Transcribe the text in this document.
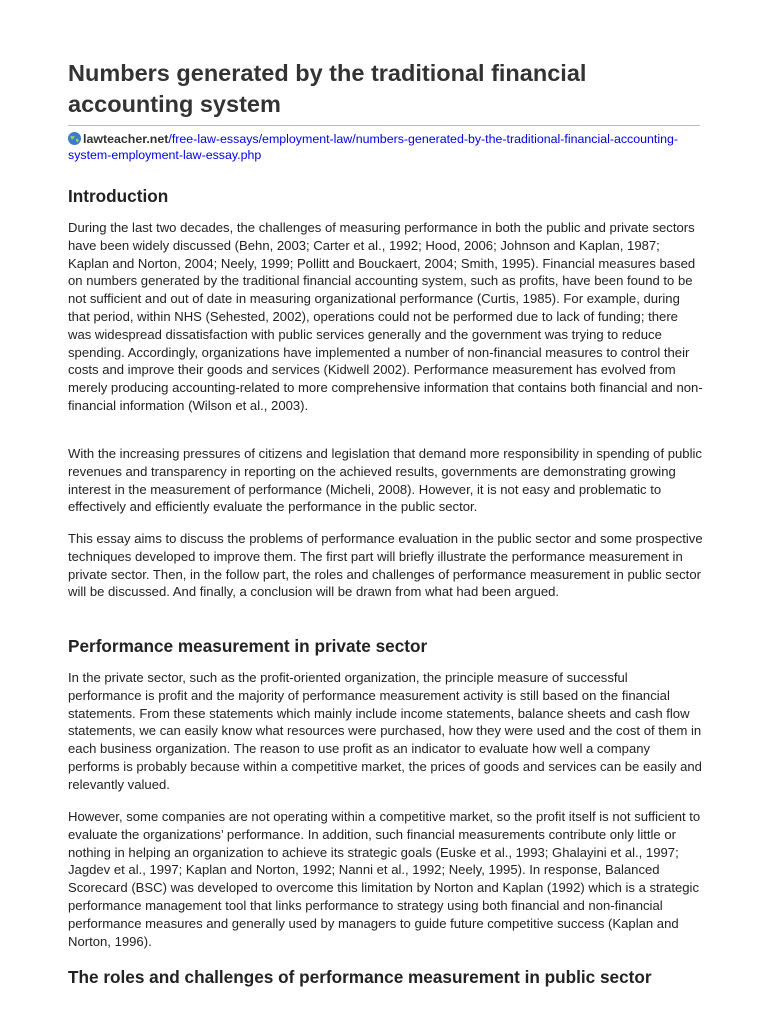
Numbers generated by the traditional financial accounting system
lawteacher.net/free-law-essays/employment-law/numbers-generated-by-the-traditional-financial-accounting-system-employment-law-essay.php
Introduction

During the last two decades, the challenges of measuring performance in both the public and private sectors have been widely discussed (Behn, 2003; Carter et al., 1992; Hood, 2006; Johnson and Kaplan, 1987; Kaplan and Norton, 2004; Neely, 1999; Pollitt and Bouckaert, 2004; Smith, 1995). Financial measures based on numbers generated by the traditional financial accounting system, such as profits, have been found to be not sufficient and out of date in measuring organizational performance (Curtis, 1985). For example, during that period, within NHS (Sehested, 2002), operations could not be performed due to lack of funding; there was widespread dissatisfaction with public services generally and the government was trying to reduce spending. Accordingly, organizations have implemented a number of non-financial measures to control their costs and improve their goods and services (Kidwell 2002). Performance measurement has evolved from merely producing accounting-related to more comprehensive information that contains both financial and non-financial information (Wilson et al., 2003).

With the increasing pressures of citizens and legislation that demand more responsibility in spending of public revenues and transparency in reporting on the achieved results, governments are demonstrating growing interest in the measurement of performance (Micheli, 2008). However, it is not easy and problematic to effectively and efficiently evaluate the performance in the public sector.

This essay aims to discuss the problems of performance evaluation in the public sector and some prospective techniques developed to improve them. The first part will briefly illustrate the performance measurement in private sector. Then, in the follow part, the roles and challenges of performance measurement in public sector will be discussed. And finally, a conclusion will be drawn from what had been argued.

Performance measurement in private sector

In the private sector, such as the profit-oriented organization, the principle measure of successful performance is profit and the majority of performance measurement activity is still based on the financial statements. From these statements which mainly include income statements, balance sheets and cash flow statements, we can easily know what resources were purchased, how they were used and the cost of them in each business organization. The reason to use profit as an indicator to evaluate how well a company performs is probably because within a competitive market, the prices of goods and services can be easily and relevantly valued.

However, some companies are not operating within a competitive market, so the profit itself is not sufficient to evaluate the organizations’ performance. In addition, such financial measurements contribute only little or nothing in helping an organization to achieve its strategic goals (Euske et al., 1993; Ghalayini et al., 1997; Jagdev et al., 1997; Kaplan and Norton, 1992; Nanni et al., 1992; Neely, 1995). In response, Balanced Scorecard (BSC) was developed to overcome this limitation by Norton and Kaplan (1992) which is a strategic performance management tool that links performance to strategy using both financial and non-financial performance measures and generally used by managers to guide future competitive success (Kaplan and Norton, 1996).

The roles and challenges of performance measurement in public sector
